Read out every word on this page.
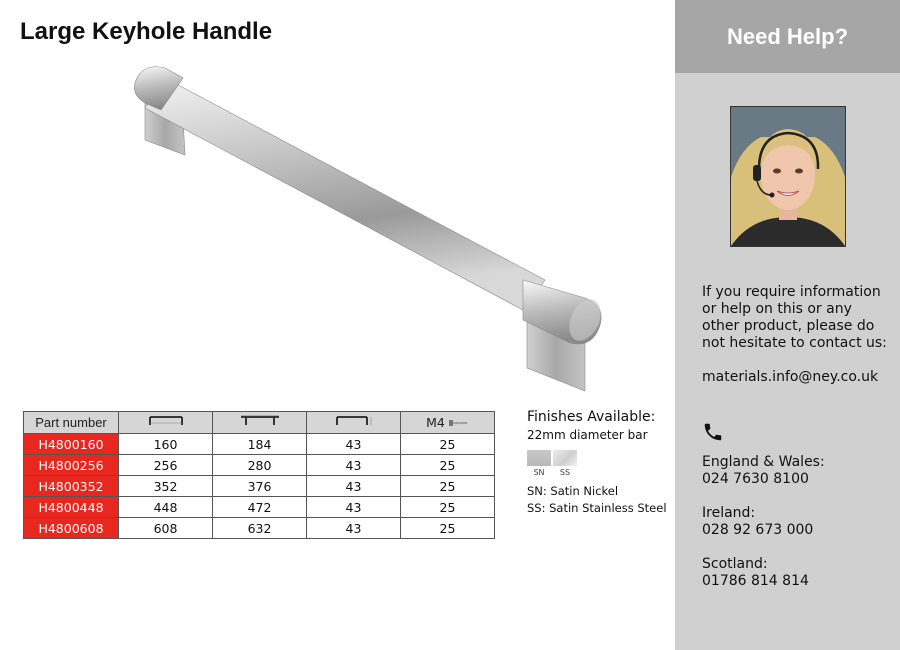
Large Keyhole Handle
Part number				M4
H4800160	160	184	43	25
H4800256	256	280	43	25
H4800352	352	376	43	25
H4800448	448	472	43	25
H4800608	608	632	43	25
Finishes Available:
22mm diameter bar
SN	SS
SN: Satin Nickel
SS: Satin Stainless Steel
Need Help?
If you require information or help on this or any other product, please do not hesitate to contact us:
materials.info@ney.co.uk
England & Wales:
024 7630 8100
Ireland:
028 92 673 000
Scotland:
01786 814 814
